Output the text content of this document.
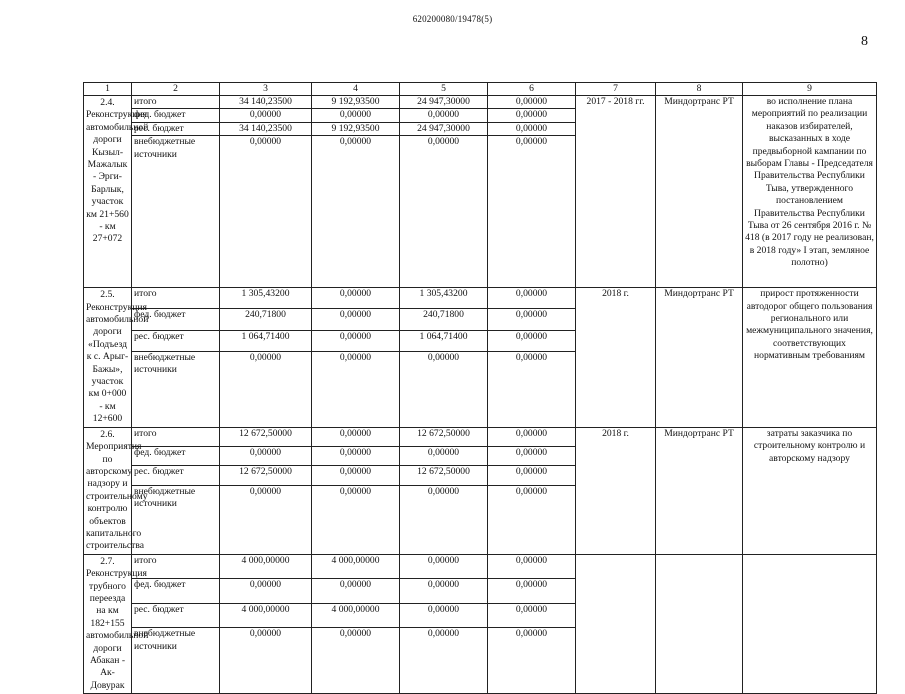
620200080/19478(5)
8
1	2	3	4	5	6	7	8	9
2.4. Реконструкция автомобильной дороги Кызыл-Мажалык - Эрги-Барлык, участок км 21+560 - км 27+072	итого	34 140,23500	9 192,93500	24 947,30000	0,00000	2017 - 2018 гг.	Миндортранс РТ	во исполнение плана мероприятий по реализации наказов избирателей, высказанных в ходе предвыборной кампании по выборам Главы - Председателя Правительства Республики Тыва, утвержденного постановлением Правительства Республики Тыва от 26 сентября 2016 г. № 418 (в 2017 году не реализован, в 2018 году» I этап, земляное полотно)
	фед. бюджет	0,00000	0,00000	0,00000	0,00000			
	рес. бюджет	34 140,23500	9 192,93500	24 947,30000	0,00000			
	внебюджетные источники	0,00000	0,00000	0,00000	0,00000			
2.5. Реконструкция автомобильной дороги «Подъезд к с. Арыг-Бажы», участок км 0+000 - км 12+600	итого	1 305,43200	0,00000	1 305,43200	0,00000	2018 г.	Миндортранс РТ	прирост протяженности автодорог общего пользования регионального или межмуниципального значения, соответствующих нормативным требованиям
	фед. бюджет	240,71800	0,00000	240,71800	0,00000			
	рес. бюджет	1 064,71400	0,00000	1 064,71400	0,00000			
	внебюджетные источники	0,00000	0,00000	0,00000	0,00000			
2.6. Мероприятия по авторскому надзору и строительному контролю объектов капитального строительства	итого	12 672,50000	0,00000	12 672,50000	0,00000	2018 г.	Миндортранс РТ	затраты заказчика по строительному контролю и авторскому надзору
	фед. бюджет	0,00000	0,00000	0,00000	0,00000			
	рес. бюджет	12 672,50000	0,00000	12 672,50000	0,00000			
	внебюджетные источники	0,00000	0,00000	0,00000	0,00000			
2.7. Реконструкция трубного переезда на км 182+155 автомобильной дороги Абакан - Ак-Довурак	итого	4 000,00000	4 000,00000	0,00000	0,00000			
	фед. бюджет	0,00000	0,00000	0,00000	0,00000			
	рес. бюджет	4 000,00000	4 000,00000	0,00000	0,00000			
	внебюджетные источники	0,00000	0,00000	0,00000	0,00000			
